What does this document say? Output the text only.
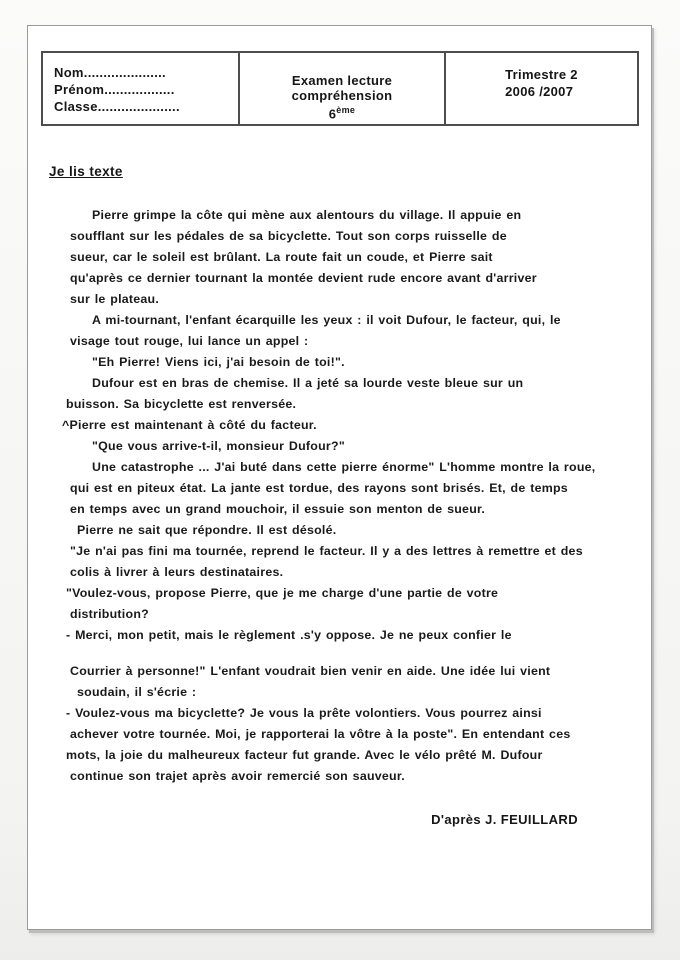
Nom.....................
Prénom..................
Classe.....................
Examen lecture
compréhension
6ème
Trimestre 2
2006 /2007
Je lis texte
Pierre grimpe la côte qui mène aux alentours du village. Il appuie en
soufflant sur les pédales de sa bicyclette. Tout son corps ruisselle de
sueur, car le soleil est brûlant. La route fait un coude, et Pierre sait
qu'après ce dernier tournant la montée devient rude encore avant d'arriver
sur le plateau.
A mi-tournant, l'enfant écarquille les yeux : il voit Dufour, le facteur, qui, le
visage tout rouge, lui lance un appel :
"Eh Pierre! Viens ici, j'ai besoin de toi!".
Dufour est en bras de chemise. Il a jeté sa lourde veste bleue sur un
buisson. Sa bicyclette est renversée.
^Pierre est maintenant à côté du facteur.
"Que vous arrive-t-il, monsieur Dufour?"
Une catastrophe ... J'ai buté dans cette pierre énorme" L'homme montre la roue,
qui est en piteux état. La jante est tordue, des rayons sont brisés. Et, de temps
en temps avec un grand mouchoir, il essuie son menton de sueur.
Pierre ne sait que répondre. Il est désolé.
"Je n'ai pas fini ma tournée, reprend le facteur. Il y a des lettres à remettre et des
colis à livrer à leurs destinataires.
"Voulez-vous, propose Pierre, que je me charge d'une partie de votre
distribution?
- Merci, mon petit, mais le règlement .s'y oppose. Je ne peux confier le
Courrier à personne!" L'enfant voudrait bien venir en aide. Une idée lui vient
soudain, il s'écrie :
- Voulez-vous ma bicyclette? Je vous la prête volontiers. Vous pourrez ainsi
achever votre tournée. Moi, je rapporterai la vôtre à la poste". En entendant ces
mots, la joie du malheureux facteur fut grande. Avec le vélo prêté M. Dufour
continue son trajet après avoir remercié son sauveur.
D'après J. FEUILLARD
